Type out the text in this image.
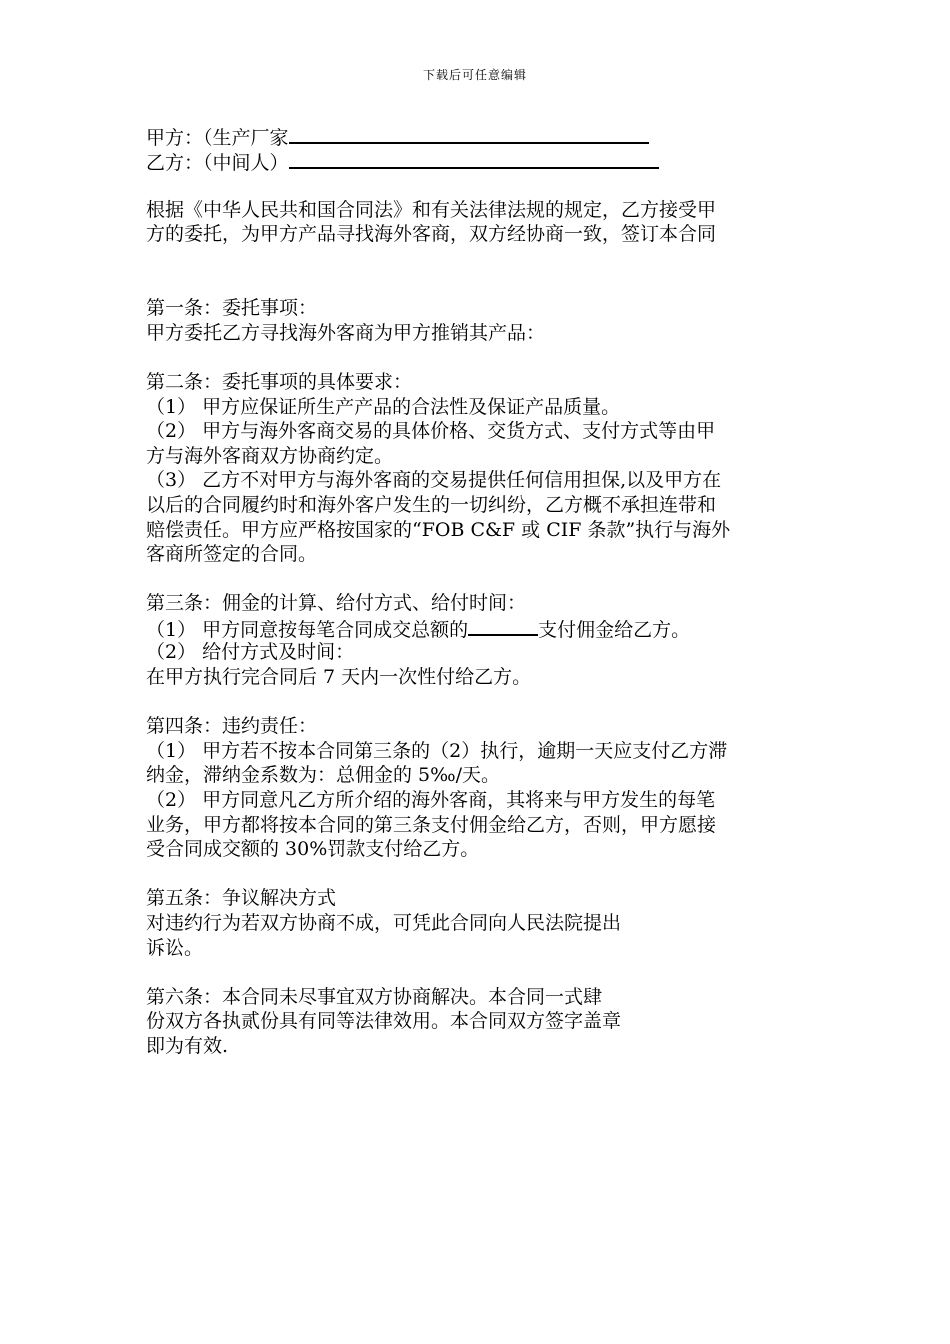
下载后可任意编辑
甲方：（生产厂家
乙方：（中间人）
根据《中华人民共和国合同法》和有关法律法规的规定，乙方接受甲
方的委托，为甲方产品寻找海外客商，双方经协商一致，签订本合同
第一条：委托事项：
甲方委托乙方寻找海外客商为甲方推销其产品：
第二条：委托事项的具体要求：
（1） 甲方应保证所生产产品的合法性及保证产品质量。
（2） 甲方与海外客商交易的具体价格、交货方式、支付方式等由甲
方与海外客商双方协商约定。
（3） 乙方不对甲方与海外客商的交易提供任何信用担保,以及甲方在
以后的合同履约时和海外客户发生的一切纠纷，乙方概不承担连带和
赔偿责任。甲方应严格按国家的“FOB C&F 或 CIF 条款”执行与海外
客商所签定的合同。
第三条：佣金的计算、给付方式、给付时间：
（1） 甲方同意按每笔合同成交总额的	支付佣金给乙方。
（2） 给付方式及时间：
在甲方执行完合同后 7 天内一次性付给乙方。
第四条：违约责任：
（1） 甲方若不按本合同第三条的（2）执行，逾期一天应支付乙方滞
纳金，滞纳金系数为：总佣金的 5‰/天。
（2） 甲方同意凡乙方所介绍的海外客商，其将来与甲方发生的每笔
业务，甲方都将按本合同的第三条支付佣金给乙方，否则，甲方愿接
受合同成交额的 30%罚款支付给乙方。
第五条：争议解决方式
对违约行为若双方协商不成，可凭此合同向人民法院提出
诉讼。
第六条：本合同未尽事宜双方协商解决。本合同一式肆
份双方各执贰份具有同等法律效用。本合同双方签字盖章
即为有效.
